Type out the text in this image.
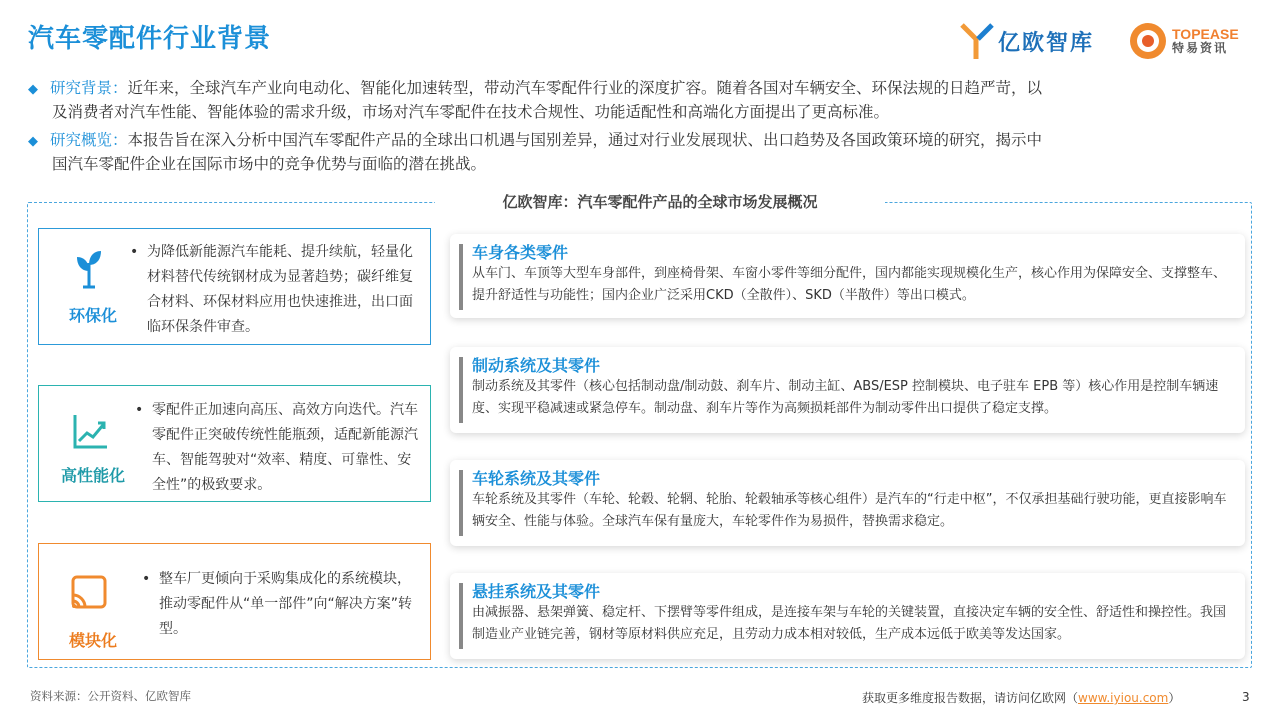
汽车零配件行业背景	亿欧智库	TOPEASE
特易资讯
◆ 研究背景：近年来，全球汽车产业向电动化、智能化加速转型，带动汽车零配件行业的深度扩容。随着各国对车辆安全、环保法规的日趋严苛，以
及消费者对汽车性能、智能体验的需求升级，市场对汽车零配件在技术合规性、功能适配性和高端化方面提出了更高标准。
◆ 研究概览：本报告旨在深入分析中国汽车零配件产品的全球出口机遇与国别差异，通过对行业发展现状、出口趋势及各国政策环境的研究，揭示中
国汽车零配件企业在国际市场中的竞争优势与面临的潜在挑战。
亿欧智库：汽车零配件产品的全球市场发展概况
环保化
• 为降低新能源汽车能耗、提升续航，轻量化材料替代传统钢材成为显著趋势；碳纤维复合材料、环保材料应用也快速推进，出口面临环保条件审查。
高性能化
• 零配件正加速向高压、高效方向迭代。汽车零配件正突破传统性能瓶颈，适配新能源汽车、智能驾驶对“效率、精度、可靠性、安全性”的极致要求。
模块化
• 整车厂更倾向于采购集成化的系统模块，推动零配件从“单一部件”向“解决方案”转型。
车身各类零件
从车门、车顶等大型车身部件，到座椅骨架、车窗小零件等细分配件，国内都能实现规模化生产，核心作用为保障安全、支撑整车、提升舒适性与功能性；国内企业广泛采用CKD（全散件）、SKD（半散件）等出口模式。
制动系统及其零件
制动系统及其零件（核心包括制动盘/制动鼓、刹车片、制动主缸、ABS/ESP 控制模块、电子驻车 EPB 等）核心作用是控制车辆速度、实现平稳减速或紧急停车。制动盘、刹车片等作为高频损耗部件为制动零件出口提供了稳定支撑。
车轮系统及其零件
车轮系统及其零件（车轮、轮毂、轮辋、轮胎、轮毂轴承等核心组件）是汽车的“行走中枢”，不仅承担基础行驶功能，更直接影响车辆安全、性能与体验。全球汽车保有量庞大，车轮零件作为易损件，替换需求稳定。
悬挂系统及其零件
由减振器、悬架弹簧、稳定杆、下摆臂等零件组成，是连接车架与车轮的关键装置，直接决定车辆的安全性、舒适性和操控性。我国制造业产业链完善，钢材等原材料供应充足，且劳动力成本相对较低，生产成本远低于欧美等发达国家。
资料来源：公开资料、亿欧智库	获取更多维度报告数据，请访问亿欧网（www.iyiou.com）	3
